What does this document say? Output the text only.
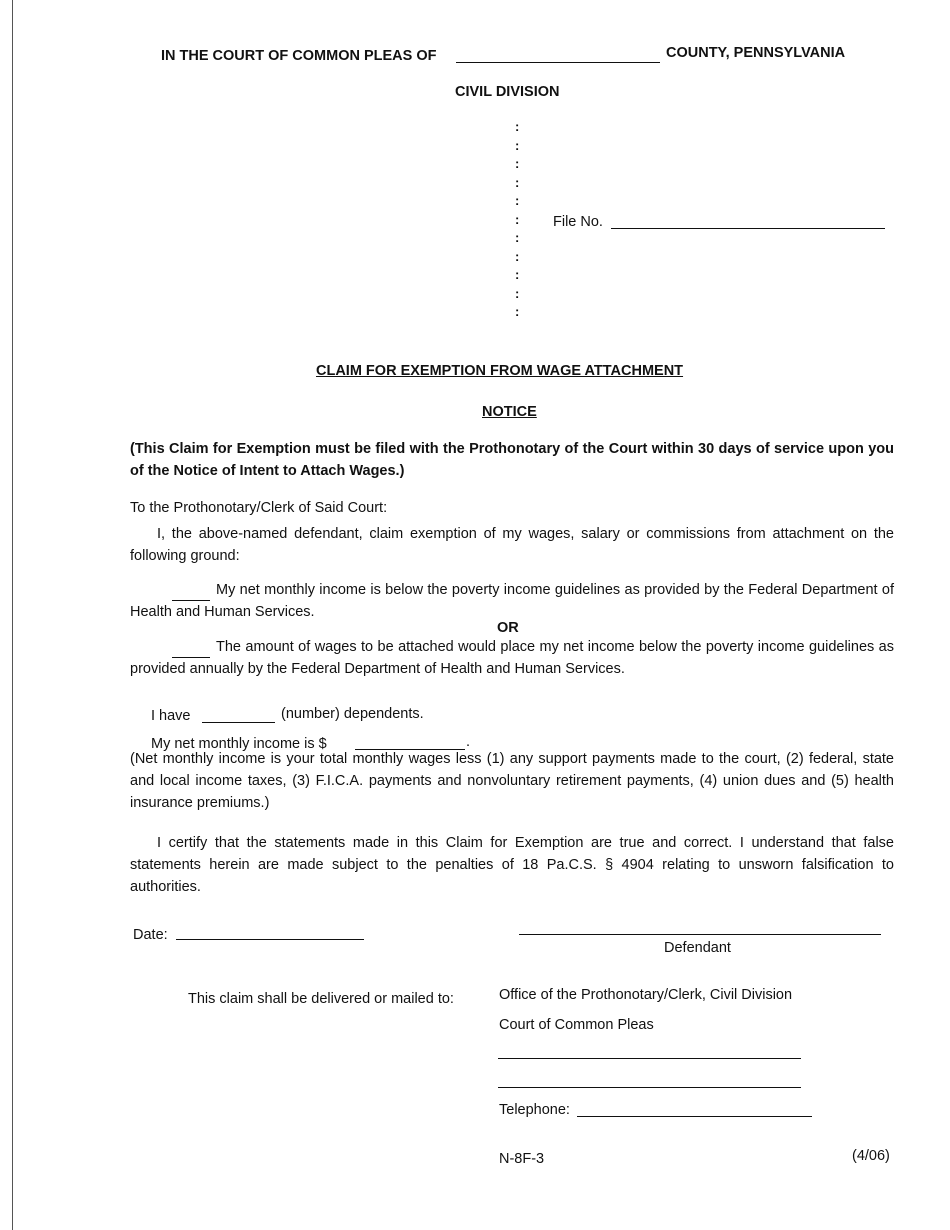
IN THE COURT OF COMMON PLEAS OF	COUNTY, PENNSYLVANIA
CIVIL DIVISION
:
:
:
:
:
:
:
:
:
:
:
File No.
CLAIM FOR EXEMPTION FROM WAGE ATTACHMENT
NOTICE
(This Claim for Exemption must be filed with the Prothonotary of the Court within 30 days of service upon you of the Notice of Intent to Attach Wages.)
To the Prothonotary/Clerk of Said Court:
I, the above-named defendant, claim exemption of my wages, salary or commissions from attachment on the following ground:
My net monthly income is below the poverty income guidelines as provided by the Federal Department of Health and Human Services.
OR
The amount of wages to be attached would place my net income below the poverty income guidelines as provided annually by the Federal Department of Health and Human Services.
I have	(number) dependents.
My net monthly income is $	.
(Net monthly income is your total monthly wages less (1) any support payments made to the court, (2) federal, state and local income taxes, (3) F.I.C.A. payments and nonvoluntary retirement payments, (4) union dues and (5) health insurance premiums.)
I certify that the statements made in this Claim for Exemption are true and correct. I understand that false statements herein are made subject to the penalties of 18 Pa.C.S. § 4904 relating to unsworn falsification to authorities.
Date:
Defendant
This claim shall be delivered or mailed to:	Office of the Prothonotary/Clerk, Civil Division
Court of Common Pleas
Telephone:
N-8F-3	(4/06)
